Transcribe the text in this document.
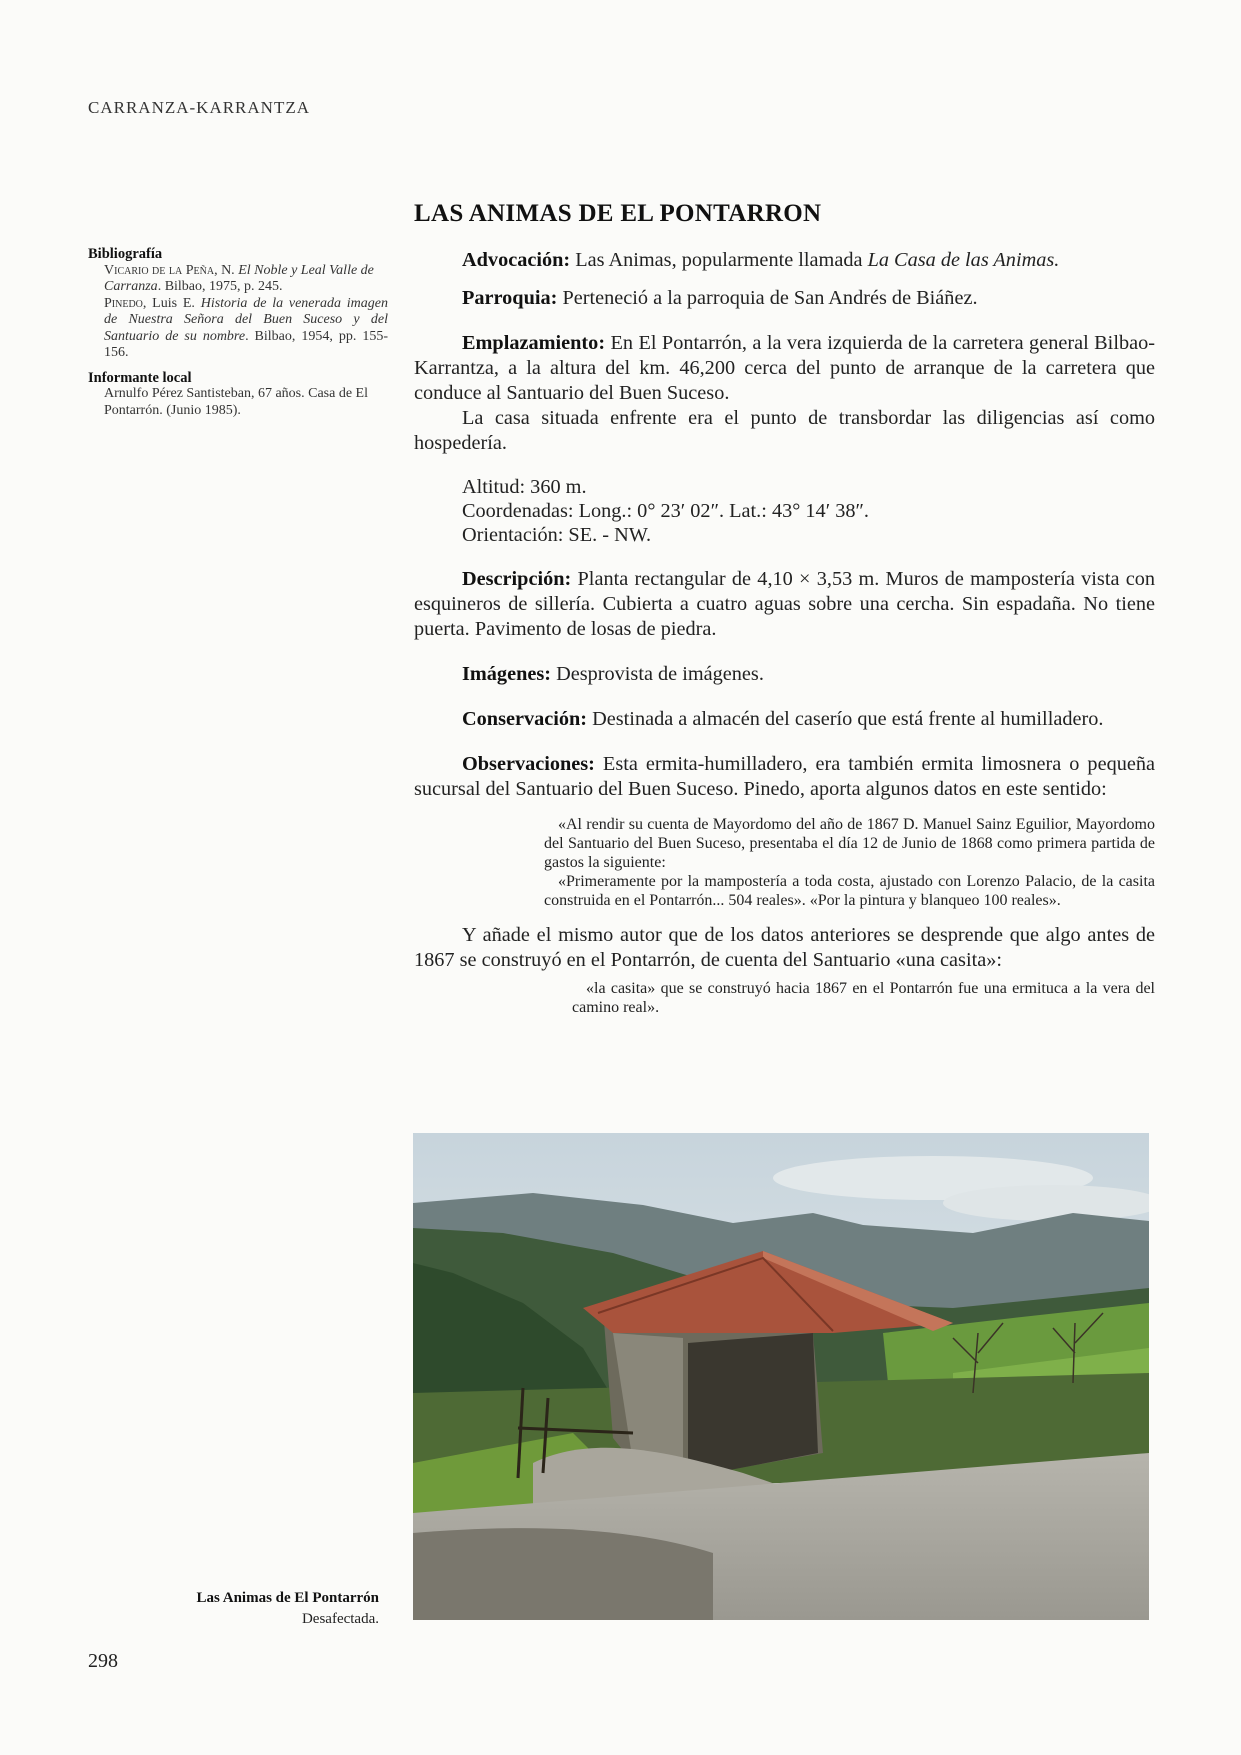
CARRANZA-KARRANTZA
LAS ANIMAS DE EL PONTARRON
Bibliografía
Vicario de la Peña, N. El Noble y Leal Valle de Carranza. Bilbao, 1975, p. 245.
Pinedo, Luis E. Historia de la venerada imagen de Nuestra Señora del Buen Suceso y del Santuario de su nombre. Bilbao, 1954, pp. 155-156.
Informante local
Arnulfo Pérez Santisteban, 67 años. Casa de El Pontarrón. (Junio 1985).

Advocación: Las Animas, popularmente llamada La Casa de las Animas.

Parroquia: Perteneció a la parroquia de San Andrés de Biáñez.

Emplazamiento: En El Pontarrón, a la vera izquierda de la carretera general Bilbao-Karrantza, a la altura del km. 46,200 cerca del punto de arranque de la carretera que conduce al Santuario del Buen Suceso.

La casa situada enfrente era el punto de transbordar las diligencias así como hospedería.

Altitud: 360 m.
Coordenadas: Long.: 0° 23′ 02″. Lat.: 43° 14′ 38″.
Orientación: SE. - NW.

Descripción: Planta rectangular de 4,10 × 3,53 m. Muros de mampostería vista con esquineros de sillería. Cubierta a cuatro aguas sobre una cercha. Sin espadaña. No tiene puerta. Pavimento de losas de piedra.

Imágenes: Desprovista de imágenes.

Conservación: Destinada a almacén del caserío que está frente al humilladero.

Observaciones: Esta ermita-humilladero, era también ermita limosnera o pequeña sucursal del Santuario del Buen Suceso. Pinedo, aporta algunos datos en este sentido:

«Al rendir su cuenta de Mayordomo del año de 1867 D. Manuel Sainz Eguilior, Mayordomo del Santuario del Buen Suceso, presentaba el día 12 de Junio de 1868 como primera partida de gastos la siguiente:

«Primeramente por la mampostería a toda costa, ajustado con Lorenzo Palacio, de la casita construida en el Pontarrón... 504 reales». «Por la pintura y blanqueo 100 reales».

Y añade el mismo autor que de los datos anteriores se desprende que algo antes de 1867 se construyó en el Pontarrón, de cuenta del Santuario «una casita»:

«la casita» que se construyó hacia 1867 en el Pontarrón fue una ermituca a la vera del camino real».

Las Animas de El Pontarrón
Desafectada.
298
